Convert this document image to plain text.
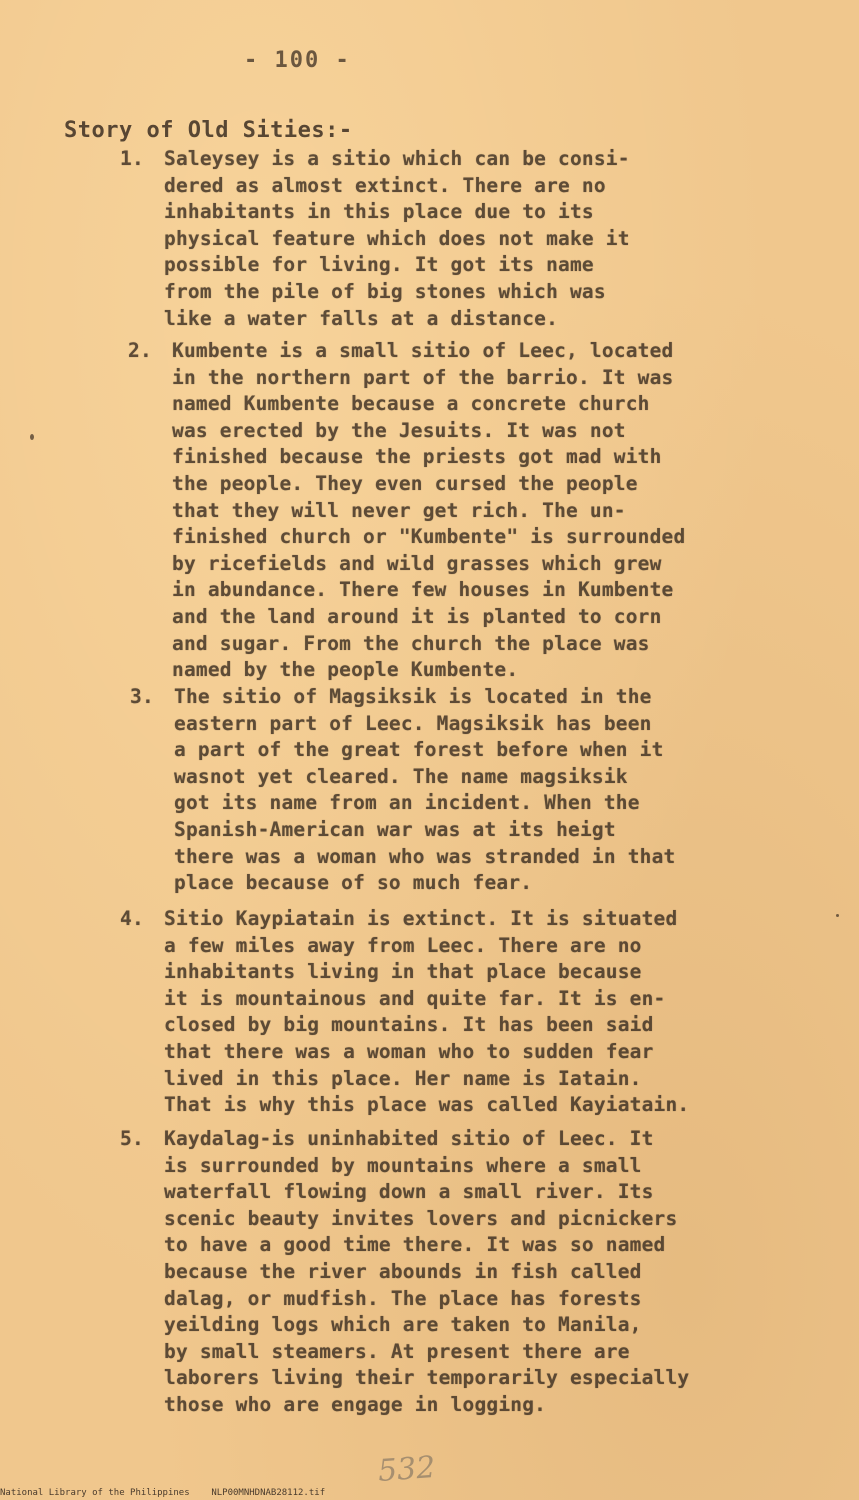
- 100 -
Story of Old Sities:-
1.	Saleysey is a sitio which can be consi-
dered as almost extinct. There are no
inhabitants in this place due to its
physical feature which does not make it
possible for living. It got its name
from the pile of big stones which was
like a water falls at a distance.
2.	Kumbente is a small sitio of Leec, located
in the northern part of the barrio. It was
named Kumbente because a concrete church
was erected by the Jesuits. It was not
finished because the priests got mad with
the people. They even cursed the people
that they will never get rich. The un-
finished church or "Kumbente" is surrounded
by ricefields and wild grasses which grew
in abundance. There few houses in Kumbente
and the land around it is planted to corn
and sugar. From the church the place was
named by the people Kumbente.
3.	The sitio of Magsiksik is located in the
eastern part of Leec. Magsiksik has been
a part of the great forest before when it
wasnot yet cleared. The name magsiksik
got its name from an incident. When the
Spanish-American war was at its heigt
there was a woman who was stranded in that
place because of so much fear.
4.	Sitio Kaypiatain is extinct. It is situated
a few miles away from Leec. There are no
inhabitants living in that place because
it is mountainous and quite far. It is en-
closed by big mountains. It has been said
that there was a woman who to sudden fear
lived in this place. Her name is Iatain.
That is why this place was called Kayiatain.
5.	Kaydalag-is uninhabited sitio of Leec. It
is surrounded by mountains where a small
waterfall flowing down a small river. Its
scenic beauty invites lovers and picnickers
to have a good time there. It was so named
because the river abounds in fish called
dalag, or mudfish. The place has forests
yeilding logs which are taken to Manila,
by small steamers. At present there are
laborers living their temporarily especially
those who are engage in logging.
532
National Library of the Philippines    NLP00MNHDNAB28112.tif
